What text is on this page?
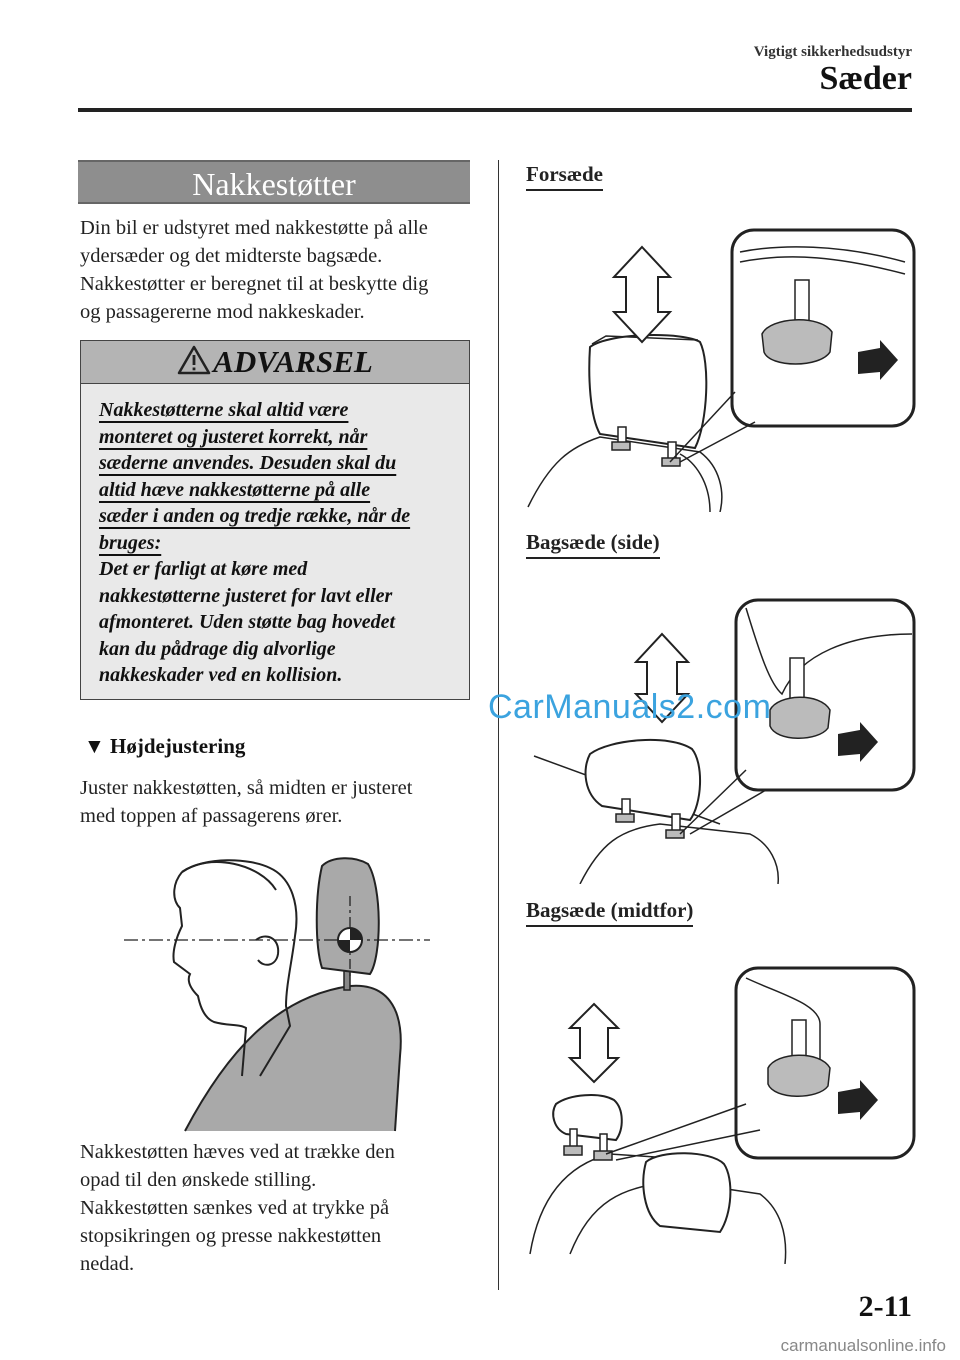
Vigtigt sikkerhedsudstyr
Sæder
Nakkestøtter
Din bil er udstyret med nakkestøtte på alle
ydersæder og det midterste bagsæde.
Nakkestøtter er beregnet til at beskytte dig
og passagererne mod nakkeskader.
ADVARSEL
Nakkestøtterne skal altid være
monteret og justeret korrekt, når
sæderne anvendes. Desuden skal du
altid hæve nakkestøtterne på alle
sæder i anden og tredje række, når de
bruges:
Det er farligt at køre med
nakkestøtterne justeret for lavt eller
afmonteret. Uden støtte bag hovedet
kan du pådrage dig alvorlige
nakkeskader ved en kollision.
▼ Højdejustering
Juster nakkestøtten, så midten er justeret
med toppen af passagerens ører.
Nakkestøtten hæves ved at trække den
opad til den ønskede stilling.
Nakkestøtten sænkes ved at trykke på
stopsikringen og presse nakkestøtten
nedad.
Forsæde
Bagsæde (side)
CarManuals2.com
Bagsæde (midtfor)
2-11
carmanualsonline.info
